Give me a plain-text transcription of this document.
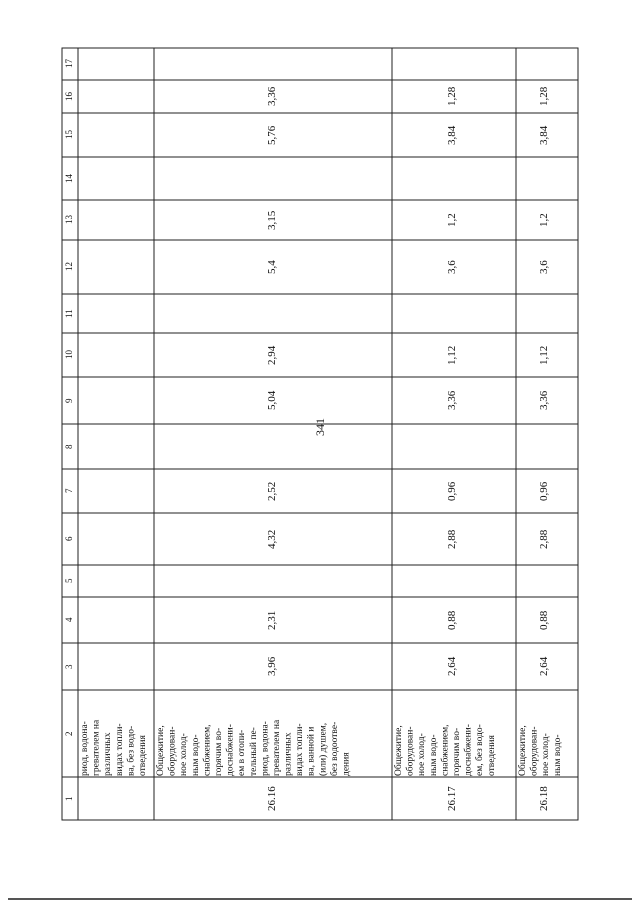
341
1
2
3
4
5
6
7
8
9
10
11
12
13
14
15
16
17
риод, водона- гревателем на различных видах топли- ва, без водо- отведения
26.16
Общежитие, оборудован- ное холод- ным водо- снабжением, горячим во- доснабжени- ем в отопи- тельный пе- риод, водона- гревателем на различных видах топли- ва, ванной и (или) душем, без водоотве- дения
3,96
2,31
4,32
2,52
5,04
2,94
5,4
3,15
5,76
3,36
26.17
Общежитие, оборудован- ное холод- ным водо- снабжением, горячим во- доснабжени- ем, без водо- отведения
2,64
0,88
2,88
0,96
3,36
1,12
3,6
1,2
3,84
1,28
26.18
Общежитие, оборудован- ное холод- ным водо-
2,64
0,88
2,88
0,96
3,36
1,12
3,6
1,2
3,84
1,28
